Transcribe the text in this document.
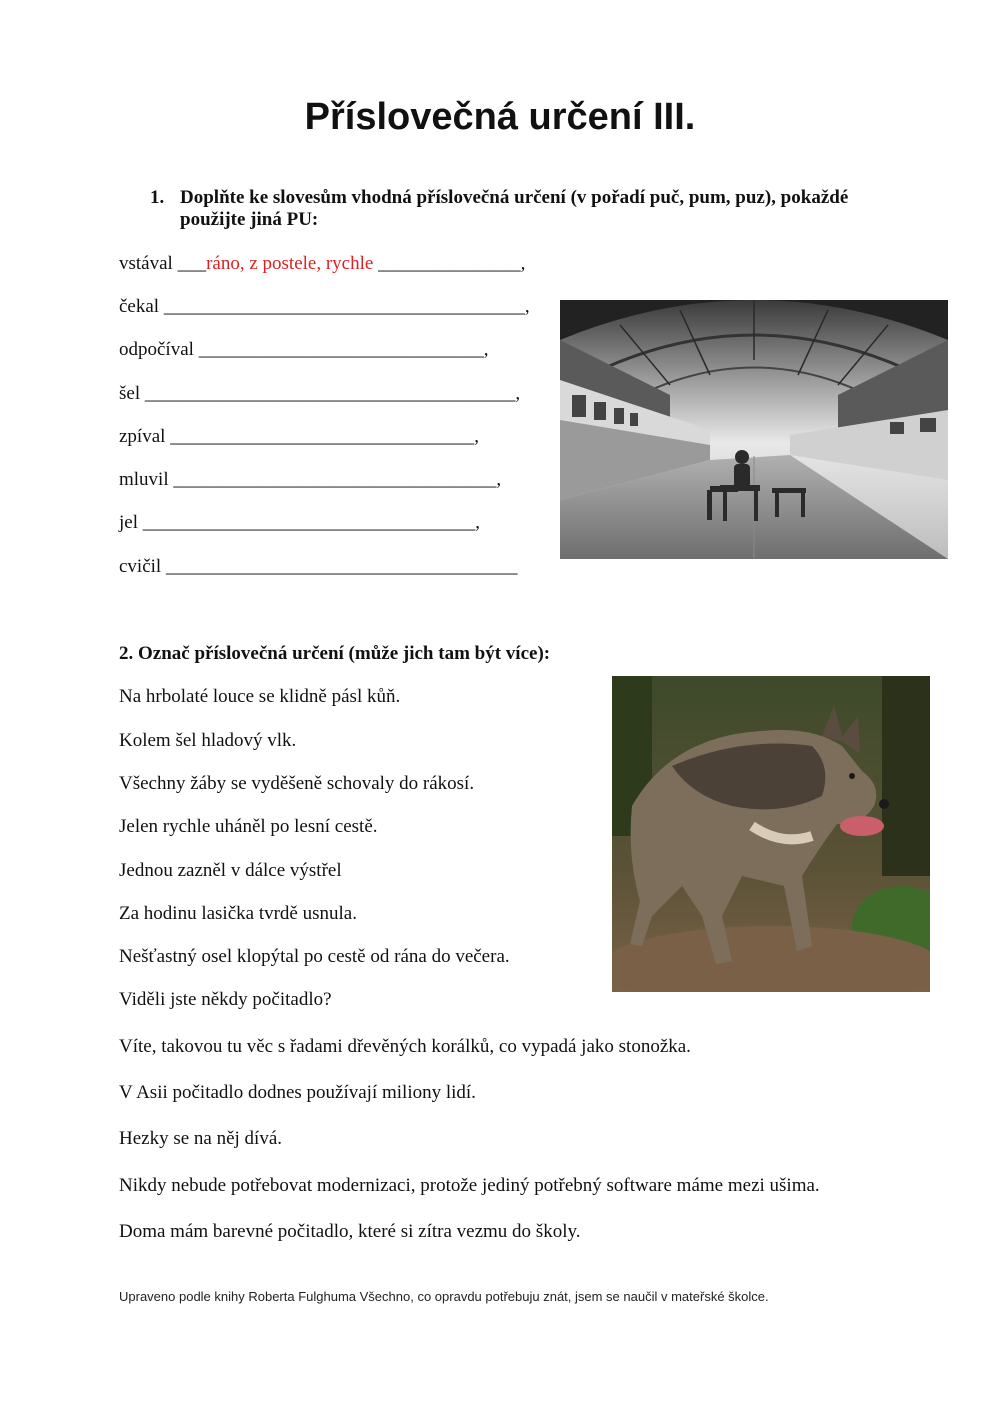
Příslovečná určení III.
1. Doplňte ke slovesům vhodná příslovečná určení (v pořadí puč, pum, puz), pokaždé použijte jiná PU:
vstával ___ráno, z postele, rychle _______________,
čekal ______________________________________,
odpočíval ______________________________,
šel _______________________________________,
zpíval ________________________________,
mluvil __________________________________,
jel ___________________________________,
cvičil _____________________________________
2. Označ příslovečná určení (může jich tam být více):
Na hrbolaté louce se klidně pásl kůň.
Kolem šel hladový vlk.
Všechny žáby se vyděšeně schovaly do rákosí.
Jelen rychle uháněl po lesní cestě.
Jednou zazněl v dálce výstřel
Za hodinu lasička tvrdě usnula.
Nešťastný osel klopýtal po cestě od rána do večera.
Viděli jste někdy počitadlo?
Víte, takovou tu věc s řadami dřevěných korálků, co vypadá jako stonožka.
V Asii počitadlo dodnes používají miliony lidí.
Hezky se na něj dívá.
Nikdy nebude potřebovat modernizaci, protože jediný potřebný software máme mezi ušima.
Doma mám barevné počitadlo, které si zítra vezmu do školy.
Upraveno podle knihy Roberta Fulghuma Všechno, co opravdu potřebuju znát, jsem se naučil v mateřské školce.
